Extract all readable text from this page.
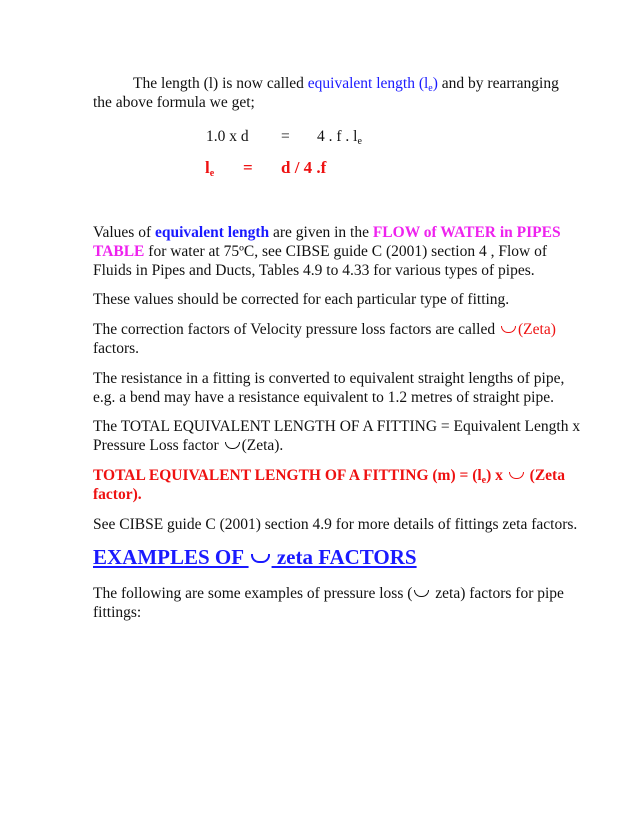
The length (l) is now called equivalent length $(l_e)$ and by rearranging
the above formula we get;
1.0 x d = 4 . f . $l_e$
$l_e = d / 4$ .f
Values of equivalent length are given in the FLOW of WATER in PIPES
TABLE for water at 75ºC, see CIBSE guide C (2001) section 4 , Flow of
Fluids in Pipes and Ducts, Tables 4.9 to 4.33 for various types of pipes.
These values should be corrected for each particular type of fitting.
The correction factors of Velocity pressure loss factors are called (Zeta)
factors.
The resistance in a fitting is converted to equivalent straight lengths of pipe,
e.g. a bend may have a resistance equivalent to 1.2 metres of straight pipe.
The TOTAL EQUIVALENT LENGTH OF A FITTING = Equivalent Length x
Pressure Loss factor (Zeta).
TOTAL EQUIVALENT LENGTH OF A FITTING $(m) = (l_e)$ x  (Zeta
factor).
See CIBSE guide C (2001) section 4.9 for more details of fittings zeta factors.
EXAMPLES OF  zeta FACTORS
The following are some examples of pressure loss ( zeta) factors for pipe
fittings:
